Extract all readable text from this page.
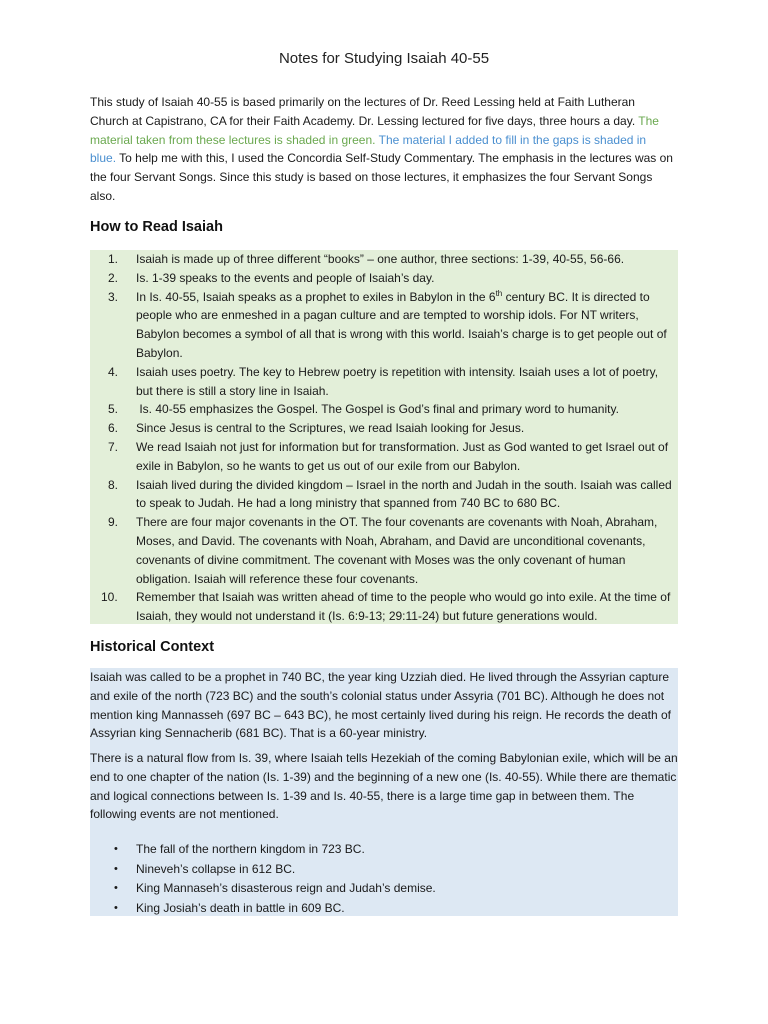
Notes for Studying Isaiah 40-55

This study of Isaiah 40-55 is based primarily on the lectures of Dr. Reed Lessing held at Faith Lutheran Church at Capistrano, CA for their Faith Academy. Dr. Lessing lectured for five days, three hours a day. The material taken from these lectures is shaded in green. The material I added to fill in the gaps is shaded in blue. To help me with this, I used the Concordia Self-Study Commentary. The emphasis in the lectures was on the four Servant Songs. Since this study is based on those lectures, it emphasizes the four Servant Songs also.

How to Read Isaiah
1.	Isaiah is made up of three different “books” – one author, three sections: 1-39, 40-55, 56-66.
2.	Is. 1-39 speaks to the events and people of Isaiah’s day.
3.	In Is. 40-55, Isaiah speaks as a prophet to exiles in Babylon in the 6th century BC. It is directed to people who are enmeshed in a pagan culture and are tempted to worship idols. For NT writers, Babylon becomes a symbol of all that is wrong with this world. Isaiah’s charge is to get people out of Babylon.
4.	Isaiah uses poetry. The key to Hebrew poetry is repetition with intensity. Isaiah uses a lot of poetry, but there is still a story line in Isaiah.
5.	Is. 40-55 emphasizes the Gospel. The Gospel is God’s final and primary word to humanity.
6.	Since Jesus is central to the Scriptures, we read Isaiah looking for Jesus.
7.	We read Isaiah not just for information but for transformation. Just as God wanted to get Israel out of exile in Babylon, so he wants to get us out of our exile from our Babylon.
8.	Isaiah lived during the divided kingdom – Israel in the north and Judah in the south. Isaiah was called to speak to Judah. He had a long ministry that spanned from 740 BC to 680 BC.
9.	There are four major covenants in the OT. The four covenants are covenants with Noah, Abraham, Moses, and David. The covenants with Noah, Abraham, and David are unconditional covenants, covenants of divine commitment. The covenant with Moses was the only covenant of human obligation. Isaiah will reference these four covenants.
10.	Remember that Isaiah was written ahead of time to the people who would go into exile. At the time of Isaiah, they would not understand it (Is. 6:9-13; 29:11-24) but future generations would.
Historical Context

Isaiah was called to be a prophet in 740 BC, the year king Uzziah died. He lived through the Assyrian capture and exile of the north (723 BC) and the south’s colonial status under Assyria (701 BC). Although he does not mention king Mannasseh (697 BC – 643 BC), he most certainly lived during his reign. He records the death of Assyrian king Sennacherib (681 BC). That is a 60-year ministry.

There is a natural flow from Is. 39, where Isaiah tells Hezekiah of the coming Babylonian exile, which will be an end to one chapter of the nation (Is. 1-39) and the beginning of a new one (Is. 40-55). While there are thematic and logical connections between Is. 1-39 and Is. 40-55, there is a large time gap in between them. The following events are not mentioned.

• The fall of the northern kingdom in 723 BC.
• Nineveh’s collapse in 612 BC.
• King Mannaseh’s disasterous reign and Judah’s demise.
• King Josiah’s death in battle in 609 BC.
